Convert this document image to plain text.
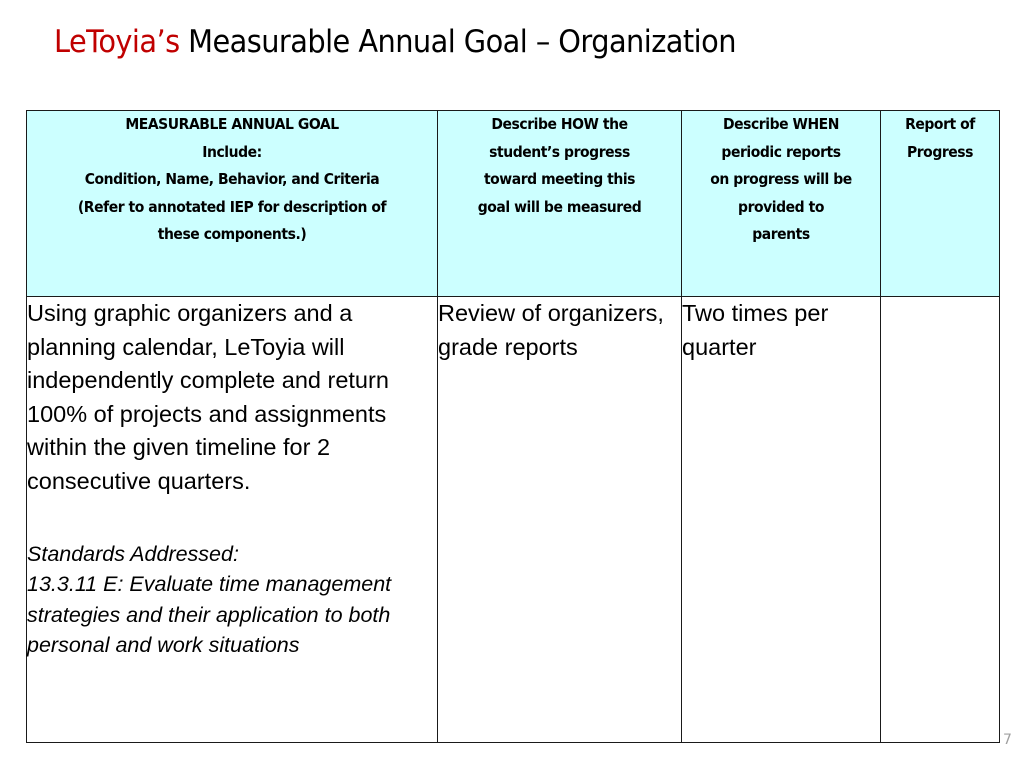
LeToyia’s Measurable Annual Goal – Organization
MEASURABLE ANNUAL GOAL
Include:
Condition, Name, Behavior, and Criteria
(Refer to annotated IEP for description of
these components.)	Describe HOW the
student’s progress
toward meeting this
goal will be measured	Describe WHEN
periodic reports
on progress will be
provided to
parents	Report of
Progress

Using graphic organizers and a planning calendar, LeToyia will independently complete and return 100% of projects and assignments within the given timeline for 2 consecutive quarters.
Standards Addressed:
13.3.11 E: Evaluate time management strategies and their application to both personal and work situations	Review of organizers, grade reports	Two times per quarter	
7
